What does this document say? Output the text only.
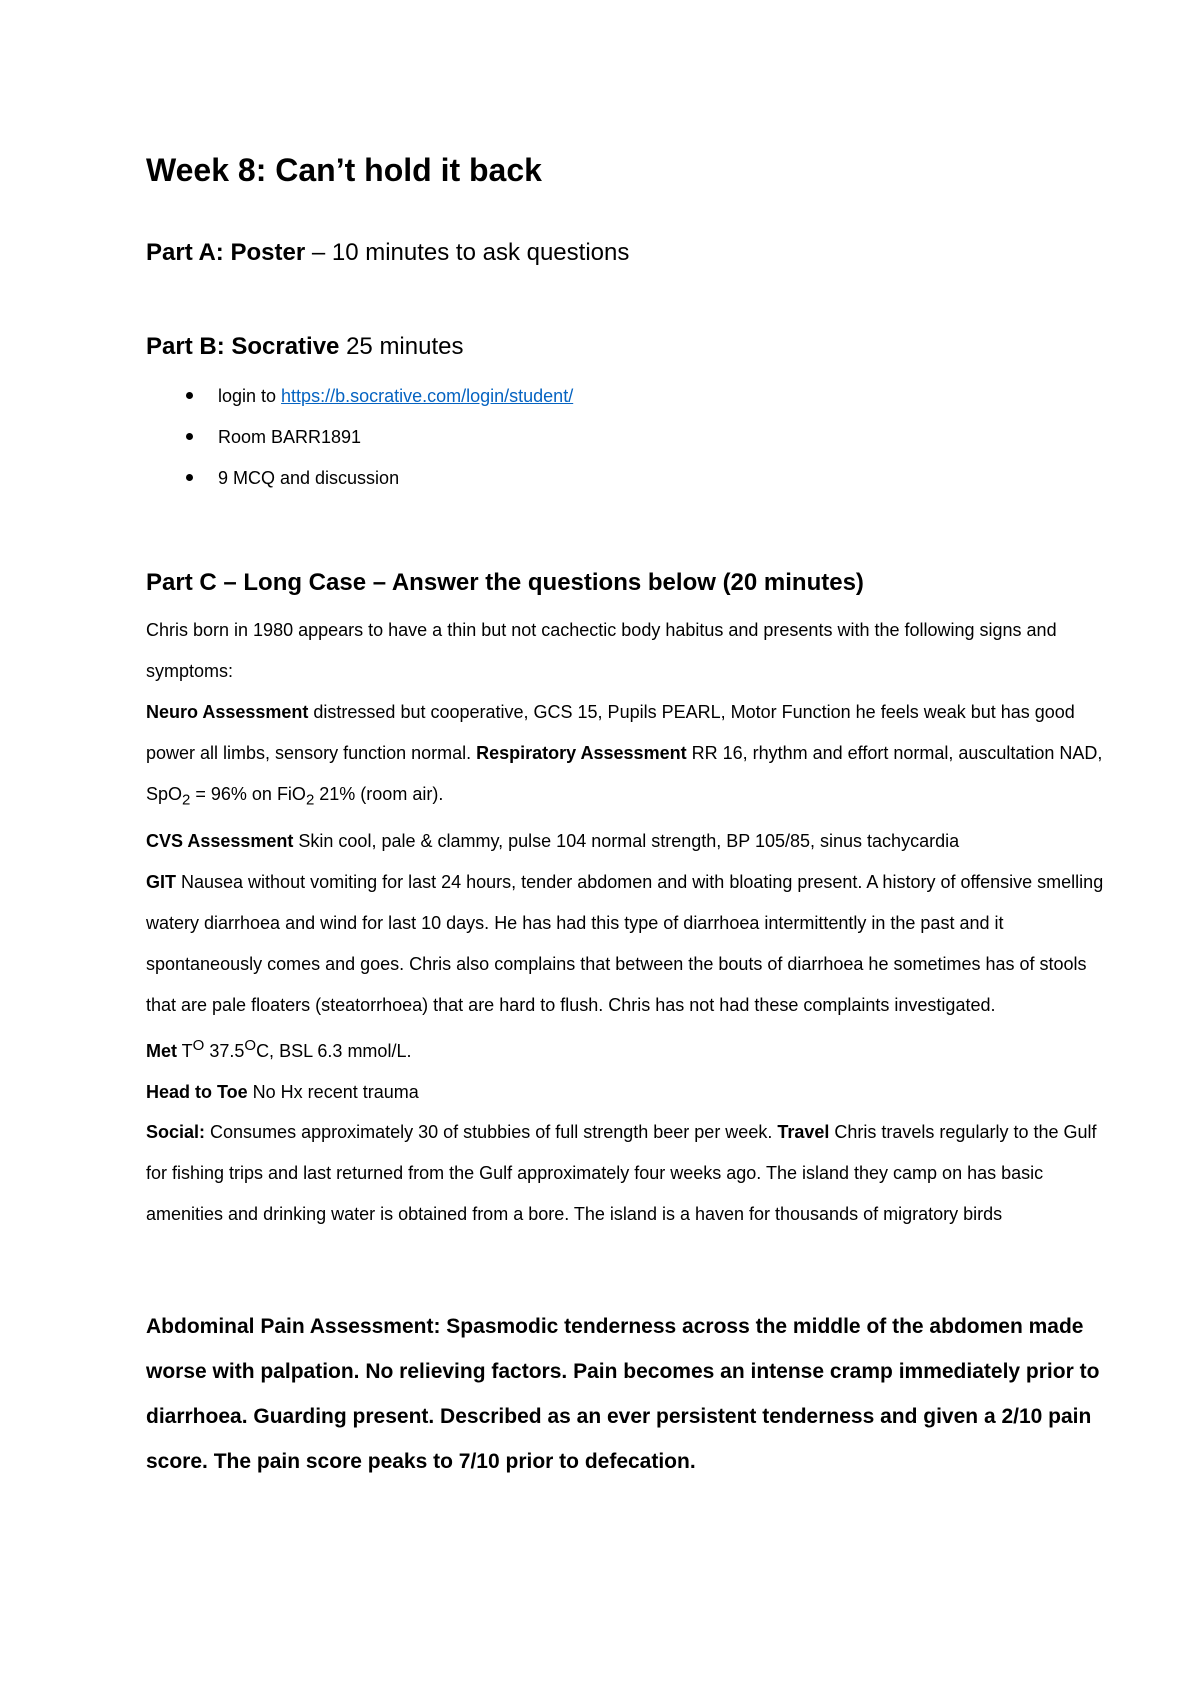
Week 8: Can’t hold it back

Part A: Poster – 10 minutes to ask questions

Part B: Socrative 25 minutes

login to https://b.socrative.com/login/student/
Room BARR1891
9 MCQ and discussion

Part C – Long Case – Answer the questions below (20 minutes)

Chris born in 1980 appears to have a thin but not cachectic body habitus and presents with the following signs and symptoms:

Neuro Assessment distressed but cooperative, GCS 15, Pupils PEARL, Motor Function he feels weak but has good power all limbs, sensory function normal. Respiratory Assessment RR 16, rhythm and effort normal, auscultation NAD, SpO$_2$ = 96% on FiO$_2$ 21% (room air).

CVS Assessment Skin cool, pale & clammy, pulse 104 normal strength, BP 105/85, sinus tachycardia

GIT Nausea without vomiting for last 24 hours, tender abdomen and with bloating present. A history of offensive smelling watery diarrhoea and wind for last 10 days. He has had this type of diarrhoea intermittently in the past and it spontaneously comes and goes. Chris also complains that between the bouts of diarrhoea he sometimes has of stools that are pale floaters (steatorrhoea) that are hard to flush. Chris has not had these complaints investigated.

Met $T^O$ $37.5^OC$, BSL 6.3 mmol/L.

Head to Toe No Hx recent trauma

Social: Consumes approximately 30 of stubbies of full strength beer per week. Travel Chris travels regularly to the Gulf for fishing trips and last returned from the Gulf approximately four weeks ago. The island they camp on has basic amenities and drinking water is obtained from a bore. The island is a haven for thousands of migratory birds

Abdominal Pain Assessment: Spasmodic tenderness across the middle of the abdomen made worse with palpation. No relieving factors. Pain becomes an intense cramp immediately prior to diarrhoea. Guarding present. Described as an ever persistent tenderness and given a 2/10 pain score. The pain score peaks to 7/10 prior to defecation.
